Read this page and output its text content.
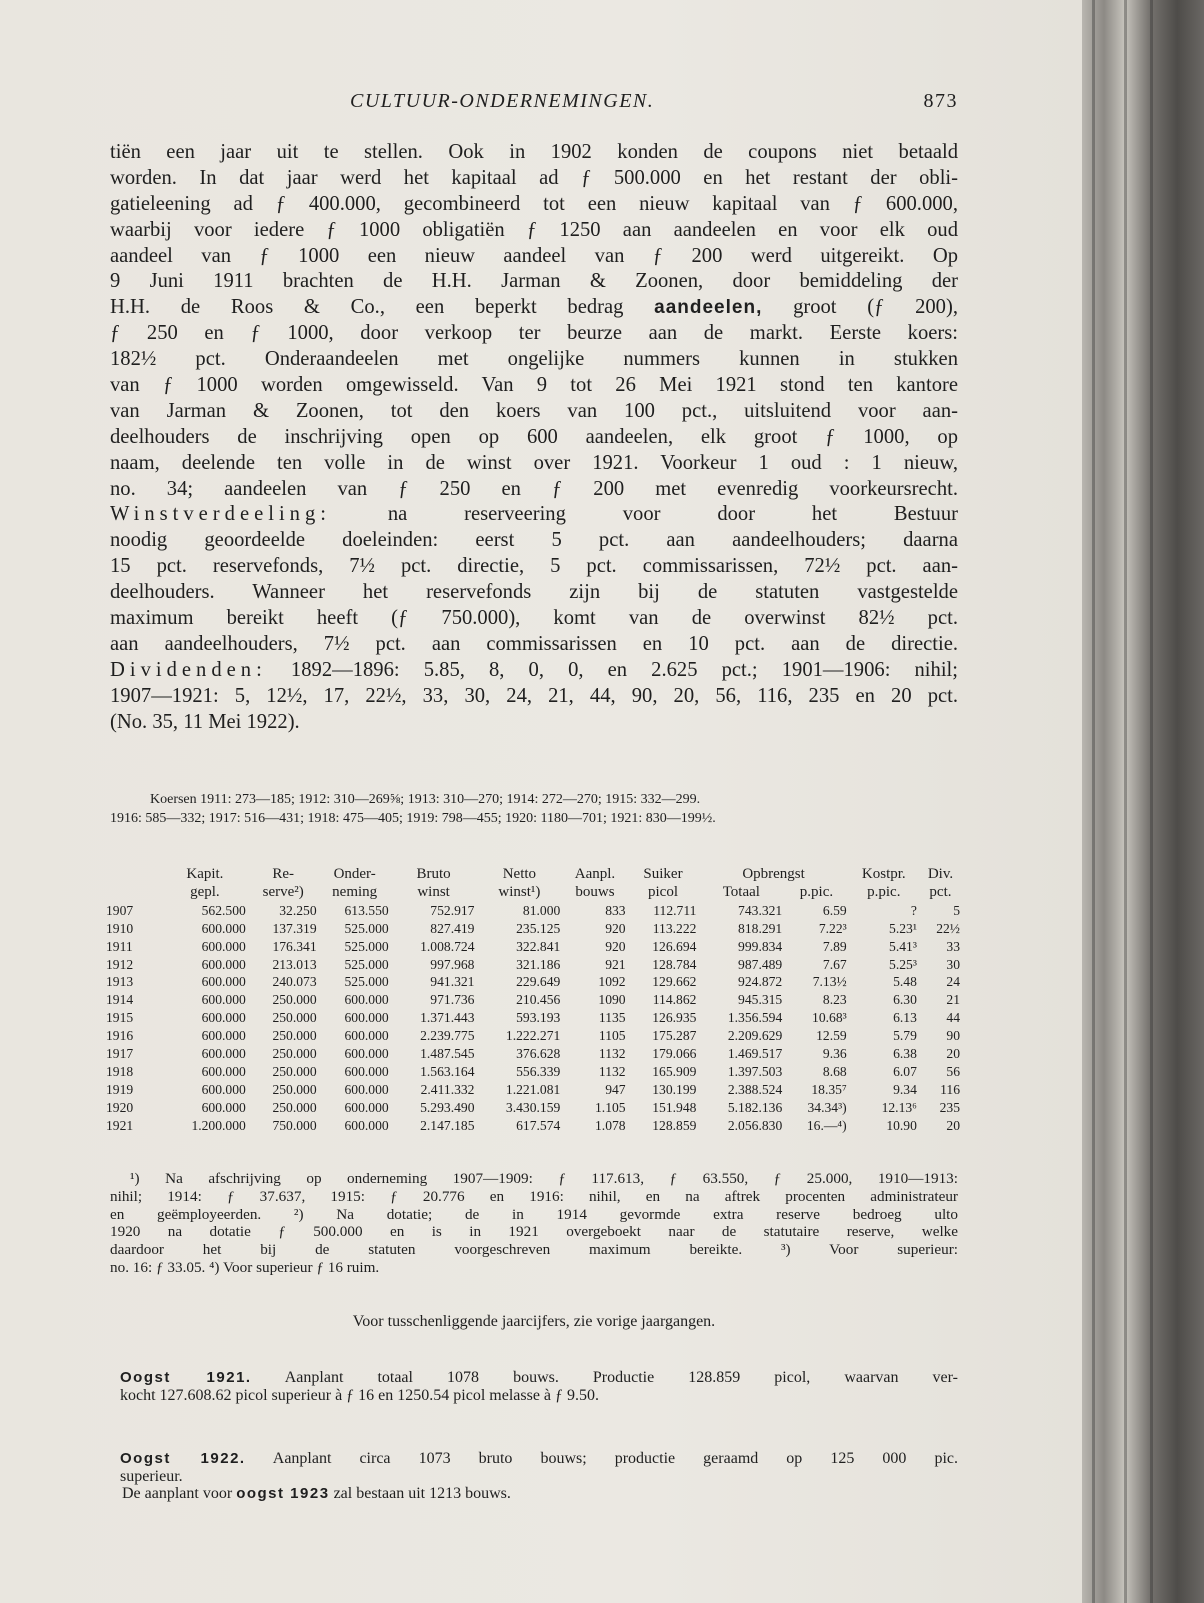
CULTUUR-ONDERNEMINGEN.	873
tiën een jaar uit te stellen. Ook in 1902 konden de coupons niet betaald
worden. In dat jaar werd het kapitaal ad ƒ 500.000 en het restant der obli-
gatieleening ad ƒ 400.000, gecombineerd tot een nieuw kapitaal van ƒ 600.000,
waarbij voor iedere ƒ 1000 obligatiën ƒ 1250 aan aandeelen en voor elk oud
aandeel van ƒ 1000 een nieuw aandeel van ƒ 200 werd uitgereikt. Op
9 Juni 1911 brachten de H.H. Jarman & Zoonen, door bemiddeling der
H.H. de Roos & Co., een beperkt bedrag aandeelen, groot (ƒ 200),
ƒ 250 en ƒ 1000, door verkoop ter beurze aan de markt. Eerste koers:
182½ pct. Onderaandeelen met ongelijke nummers kunnen in stukken
van ƒ 1000 worden omgewisseld. Van 9 tot 26 Mei 1921 stond ten kantore
van Jarman & Zoonen, tot den koers van 100 pct., uitsluitend voor aan-
deelhouders de inschrijving open op 600 aandeelen, elk groot ƒ 1000, op
naam, deelende ten volle in de winst over 1921. Voorkeur 1 oud : 1 nieuw,
no. 34; aandeelen van ƒ 250 en ƒ 200 met evenredig voorkeursrecht.
Winstverdeeling:	na reserveering voor door het Bestuur
noodig geoordeelde doeleinden: eerst 5 pct. aan aandeelhouders; daarna
15 pct. reservefonds, 7½ pct. directie, 5 pct. commissarissen, 72½ pct. aan-
deelhouders. Wanneer het reservefonds zijn bij de statuten vastgestelde
maximum bereikt heeft (ƒ 750.000), komt van de overwinst 82½ pct.
aan aandeelhouders, 7½ pct. aan commissarissen en 10 pct. aan de directie.
Dividenden: 1892—1896: 5.85, 8, 0, 0, en 2.625 pct.; 1901—1906: nihil;
1907—1921: 5, 12½, 17, 22½, 33, 30, 24, 21, 44, 90, 20, 56, 116, 235 en 20 pct.
(No. 35, 11 Mei 1922).
Koersen 1911: 273—185; 1912: 310—269⅝; 1913: 310—270; 1914: 272—270; 1915: 332—299.
1916: 585—332; 1917: 516—431; 1918: 475—405; 1919: 798—455; 1920: 1180—701; 1921: 830—199½.
	Kapit.	Re-	Onder-	Bruto	Netto	Aanpl.	Suiker	Opbrengst		Kostpr.	Div.
	gepl.	serve²)	neming	winst	winst¹)	bouws	picol	Totaal	p.pic.	p.pic.	pct.
1907	562.500	32.250	613.550	752.917	81.000	833	112.711	743.321	6.59	?	5
1910	600.000	137.319	525.000	827.419	235.125	920	113.222	818.291	7.22³	5.23¹	22½
1911	600.000	176.341	525.000	1.008.724	322.841	920	126.694	999.834	7.89	5.41³	33
1912	600.000	213.013	525.000	997.968	321.186	921	128.784	987.489	7.67	5.25³	30
1913	600.000	240.073	525.000	941.321	229.649	1092	129.662	924.872	7.13½	5.48	24
1914	600.000	250.000	600.000	971.736	210.456	1090	114.862	945.315	8.23	6.30	21
1915	600.000	250.000	600.000	1.371.443	593.193	1135	126.935	1.356.594	10.68³	6.13	44
1916	600.000	250.000	600.000	2.239.775	1.222.271	1105	175.287	2.209.629	12.59	5.79	90
1917	600.000	250.000	600.000	1.487.545	376.628	1132	179.066	1.469.517	9.36	6.38	20
1918	600.000	250.000	600.000	1.563.164	556.339	1132	165.909	1.397.503	8.68	6.07	56
1919	600.000	250.000	600.000	2.411.332	1.221.081	947	130.199	2.388.524	18.35⁷	9.34	116
1920	600.000	250.000	600.000	5.293.490	3.430.159	1.105	151.948	5.182.136	34.34³)	12.13⁶	235
1921	1.200.000	750.000	600.000	2.147.185	617.574	1.078	128.859	2.056.830	16.—⁴)	10.90	20
¹) Na afschrijving op onderneming 1907—1909: ƒ 117.613, ƒ 63.550, ƒ 25.000, 1910—1913:
nihil; 1914: ƒ 37.637, 1915: ƒ 20.776 en 1916: nihil, en na aftrek procenten administrateur
en geëmployeerden. ²) Na dotatie; de in 1914 gevormde extra reserve bedroeg ulto
1920 na dotatie ƒ 500.000 en is in 1921 overgeboekt naar de statutaire reserve, welke
daardoor het bij de statuten voorgeschreven maximum bereikte. ³) Voor superieur:
no. 16: ƒ 33.05. ⁴) Voor superieur ƒ 16 ruim.
Voor tusschenliggende jaarcijfers, zie vorige jaargangen.
Oogst 1921. Aanplant totaal 1078 bouws. Productie 128.859 picol, waarvan ver-
kocht 127.608.62 picol superieur à ƒ 16 en 1250.54 picol melasse à ƒ 9.50.
Oogst 1922. Aanplant circa 1073 bruto bouws; productie geraamd op 125 000 pic.
superieur.
De aanplant voor oogst 1923 zal bestaan uit 1213 bouws.
